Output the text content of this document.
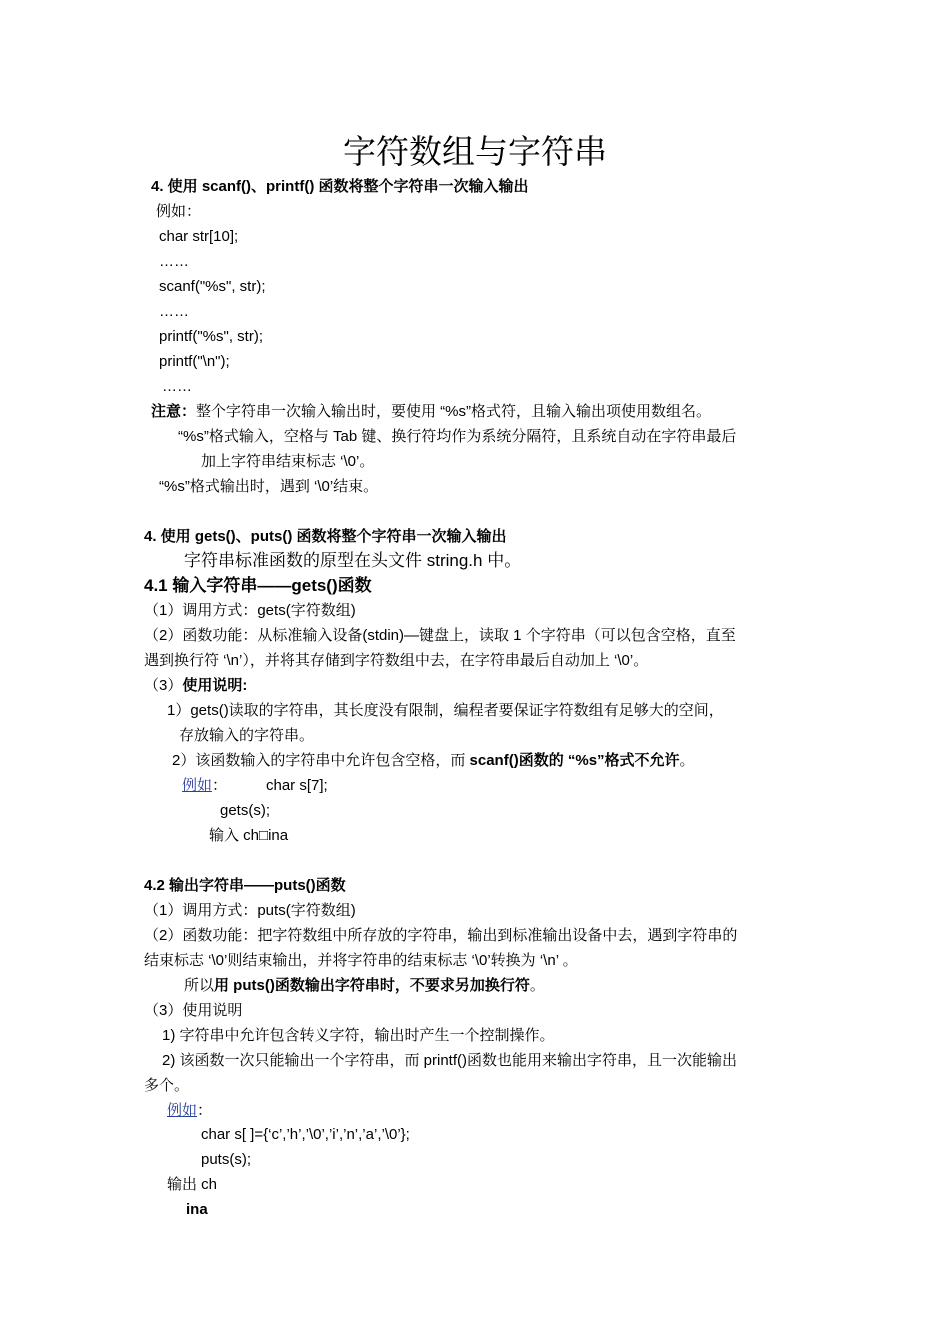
字符数组与字符串
4. 使用 scanf()、printf() 函数将整个字符串一次输入输出
例如：
char str[10];
……
scanf("%s", str);
……
printf("%s", str);
printf("\n");
……
注意：整个字符串一次输入输出时，要使用 “%s”格式符，且输入输出项使用数组名。
“%s”格式输入，空格与 Tab 键、换行符均作为系统分隔符，且系统自动在字符串最后
加上字符串结束标志 ‘\0’。
“%s”格式输出时，遇到 ‘\0’结束。
4. 使用 gets()、puts() 函数将整个字符串一次输入输出
字符串标准函数的原型在头文件 string.h 中。
4.1 输入字符串——gets()函数
（1）调用方式：gets(字符数组)
（2）函数功能：从标准输入设备(stdin)—键盘上，读取 1 个字符串（可以包含空格，直至
遇到换行符 ‘\n’），并将其存储到字符数组中去，在字符串最后自动加上 ‘\0’。
（3）使用说明:
1）gets()读取的字符串，其长度没有限制，编程者要保证字符数组有足够大的空间，
存放输入的字符串。
2）该函数输入的字符串中允许包含空格，而 scanf()函数的 “%s”格式不允许。
例如：	char s[7];
gets(s);
输入 ch□ina
4.2 输出字符串——puts()函数
（1）调用方式：puts(字符数组)
（2）函数功能：把字符数组中所存放的字符串，输出到标准输出设备中去，遇到字符串的
结束标志 ‘\0’则结束输出，并将字符串的结束标志 ‘\0’转换为 ‘\n’ 。
所以用 puts()函数输出字符串时，不要求另加换行符。
（3）使用说明
1) 字符串中允许包含转义字符，输出时产生一个控制操作。
2) 该函数一次只能输出一个字符串，而 printf()函数也能用来输出字符串，且一次能输出
多个。
例如：
char s[ ]={‘c’,’h’,’\0’,’i’,’n’,’a’,’\0’};
puts(s);
输出 ch
ina
